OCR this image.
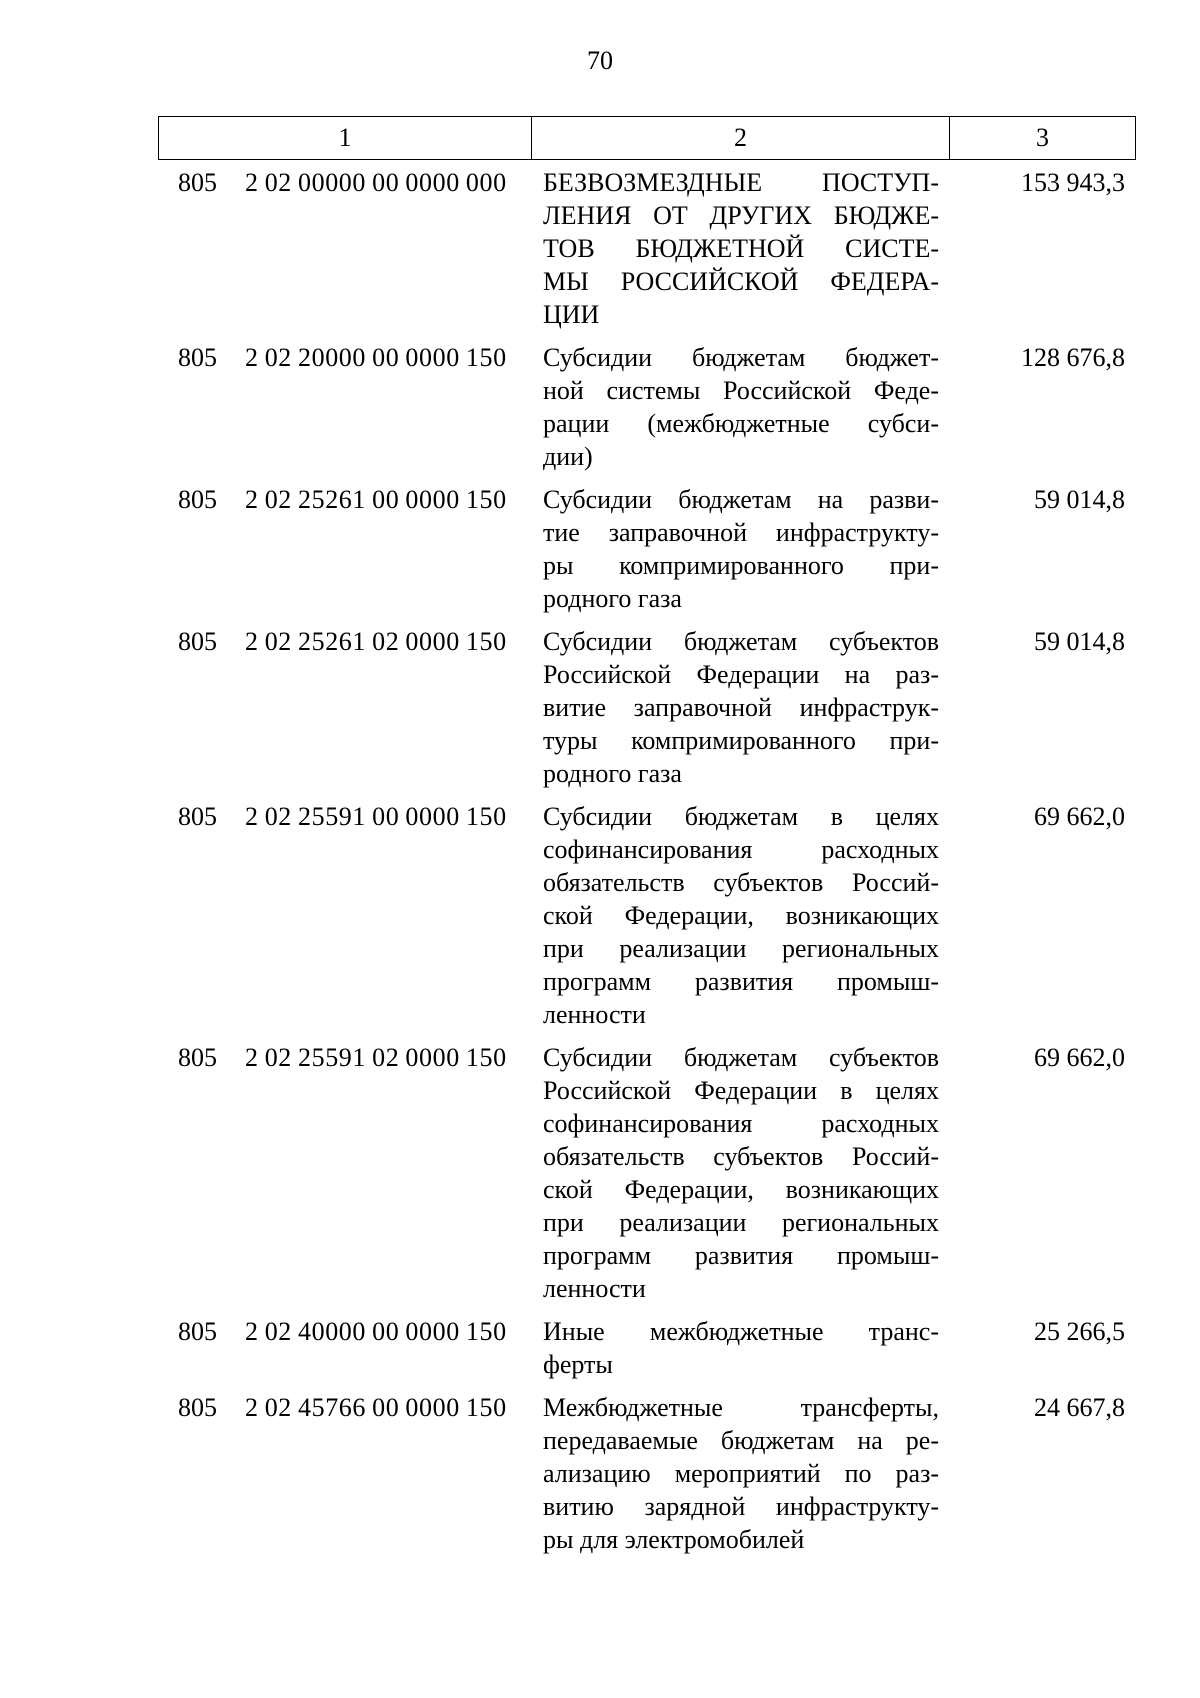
70
1	2	3
805 2 02 00000 00 0000 000 БЕЗВОЗМЕЗДНЫЕ ПОСТУП-
ЛЕНИЯ ОТ ДРУГИХ БЮДЖЕ-
ТОВ БЮДЖЕТНОЙ СИСТЕ-
МЫ РОССИЙСКОЙ ФЕДЕРА-
ЦИИ
153 943,3
805 2 02 20000 00 0000 150 Субсидии бюджетам бюджет-
ной системы Российской Феде-
рации (межбюджетные субси-
дии)
128 676,8
805 2 02 25261 00 0000 150 Субсидии бюджетам на разви-
тие заправочной инфраструкту-
ры компримированного при-
родного газа
59 014,8
805 2 02 25261 02 0000 150 Субсидии бюджетам субъектов
Российской Федерации на раз-
витие заправочной инфраструк-
туры компримированного при-
родного газа
59 014,8
805 2 02 25591 00 0000 150 Субсидии бюджетам в целях
софинансирования расходных
обязательств субъектов Россий-
ской Федерации, возникающих
при реализации региональных
программ развития промыш-
ленности
69 662,0
805 2 02 25591 02 0000 150 Субсидии бюджетам субъектов
Российской Федерации в целях
софинансирования расходных
обязательств субъектов Россий-
ской Федерации, возникающих
при реализации региональных
программ развития промыш-
ленности
69 662,0
805 2 02 40000 00 0000 150 Иные межбюджетные транс-
ферты
25 266,5
805 2 02 45766 00 0000 150 Межбюджетные трансферты,
передаваемые бюджетам на ре-
ализацию мероприятий по раз-
витию зарядной инфраструкту-
ры для электромобилей
24 667,8
